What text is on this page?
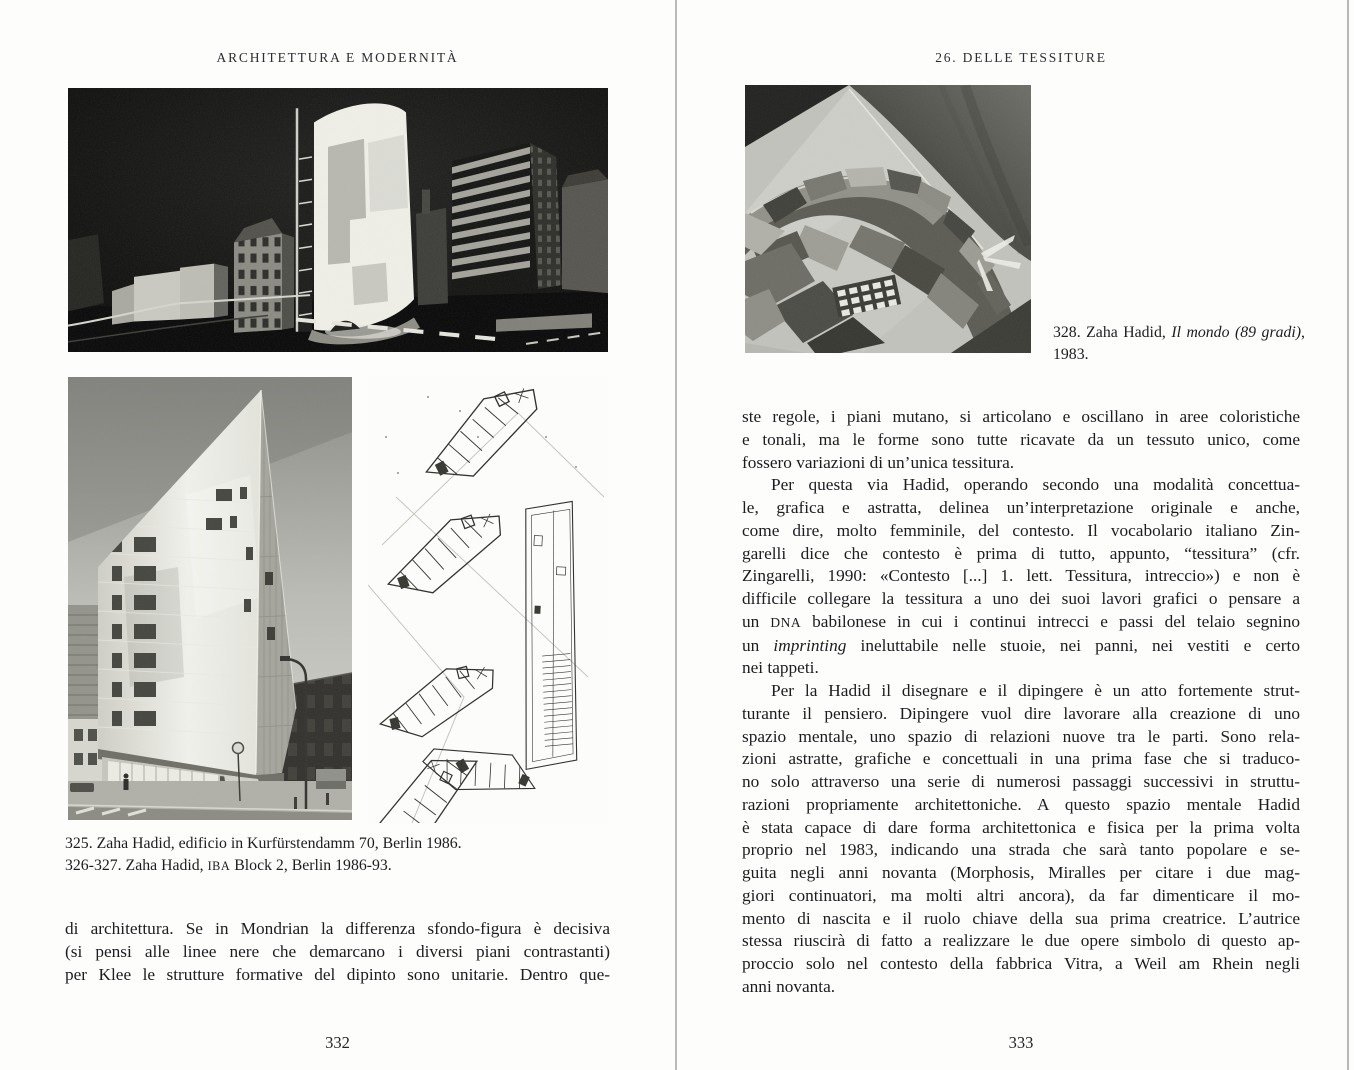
ARCHITETTURA E MODERNITÀ
325. Zaha Hadid, edificio in Kurfürstendamm 70, Berlin 1986.
326-327. Zaha Hadid, IBA Block 2, Berlin 1986-93.
di architettura. Se in Mondrian la differenza sfondo-figura è decisiva
(si pensi alle linee nere che demarcano i diversi piani contrastanti)
per Klee le strutture formative del dipinto sono unitarie. Dentro que-
332
26. DELLE TESSITURE
328. Zaha Hadid, Il mondo (89 gradi), 1983.
ste regole, i piani mutano, si articolano e oscillano in aree coloristiche
e tonali, ma le forme sono tutte ricavate da un tessuto unico, come
fossero variazioni di un’unica tessitura.
Per questa via Hadid, operando secondo una modalità concettua-
le, grafica e astratta, delinea un’interpretazione originale e anche,
come dire, molto femminile, del contesto. Il vocabolario italiano Zin-
garelli dice che contesto è prima di tutto, appunto, “tessitura” (cfr.
Zingarelli, 1990: «Contesto [...] 1. lett. Tessitura, intreccio») e non è
difficile collegare la tessitura a uno dei suoi lavori grafici o pensare a
un DNA babilonese in cui i continui intrecci e passi del telaio segnino
un imprinting ineluttabile nelle stuoie, nei panni, nei vestiti e certo
nei tappeti.
Per la Hadid il disegnare e il dipingere è un atto fortemente strut-
turante il pensiero. Dipingere vuol dire lavorare alla creazione di uno
spazio mentale, uno spazio di relazioni nuove tra le parti. Sono rela-
zioni astratte, grafiche e concettuali in una prima fase che si traduco-
no solo attraverso una serie di numerosi passaggi successivi in struttu-
razioni propriamente architettoniche. A questo spazio mentale Hadid
è stata capace di dare forma architettonica e fisica per la prima volta
proprio nel 1983, indicando una strada che sarà tanto popolare e se-
guita negli anni novanta (Morphosis, Miralles per citare i due mag-
giori continuatori, ma molti altri ancora), da far dimenticare il mo-
mento di nascita e il ruolo chiave della sua prima creatrice. L’autrice
stessa riuscirà di fatto a realizzare le due opere simbolo di questo ap-
proccio solo nel contesto della fabbrica Vitra, a Weil am Rhein negli
anni novanta.
333
